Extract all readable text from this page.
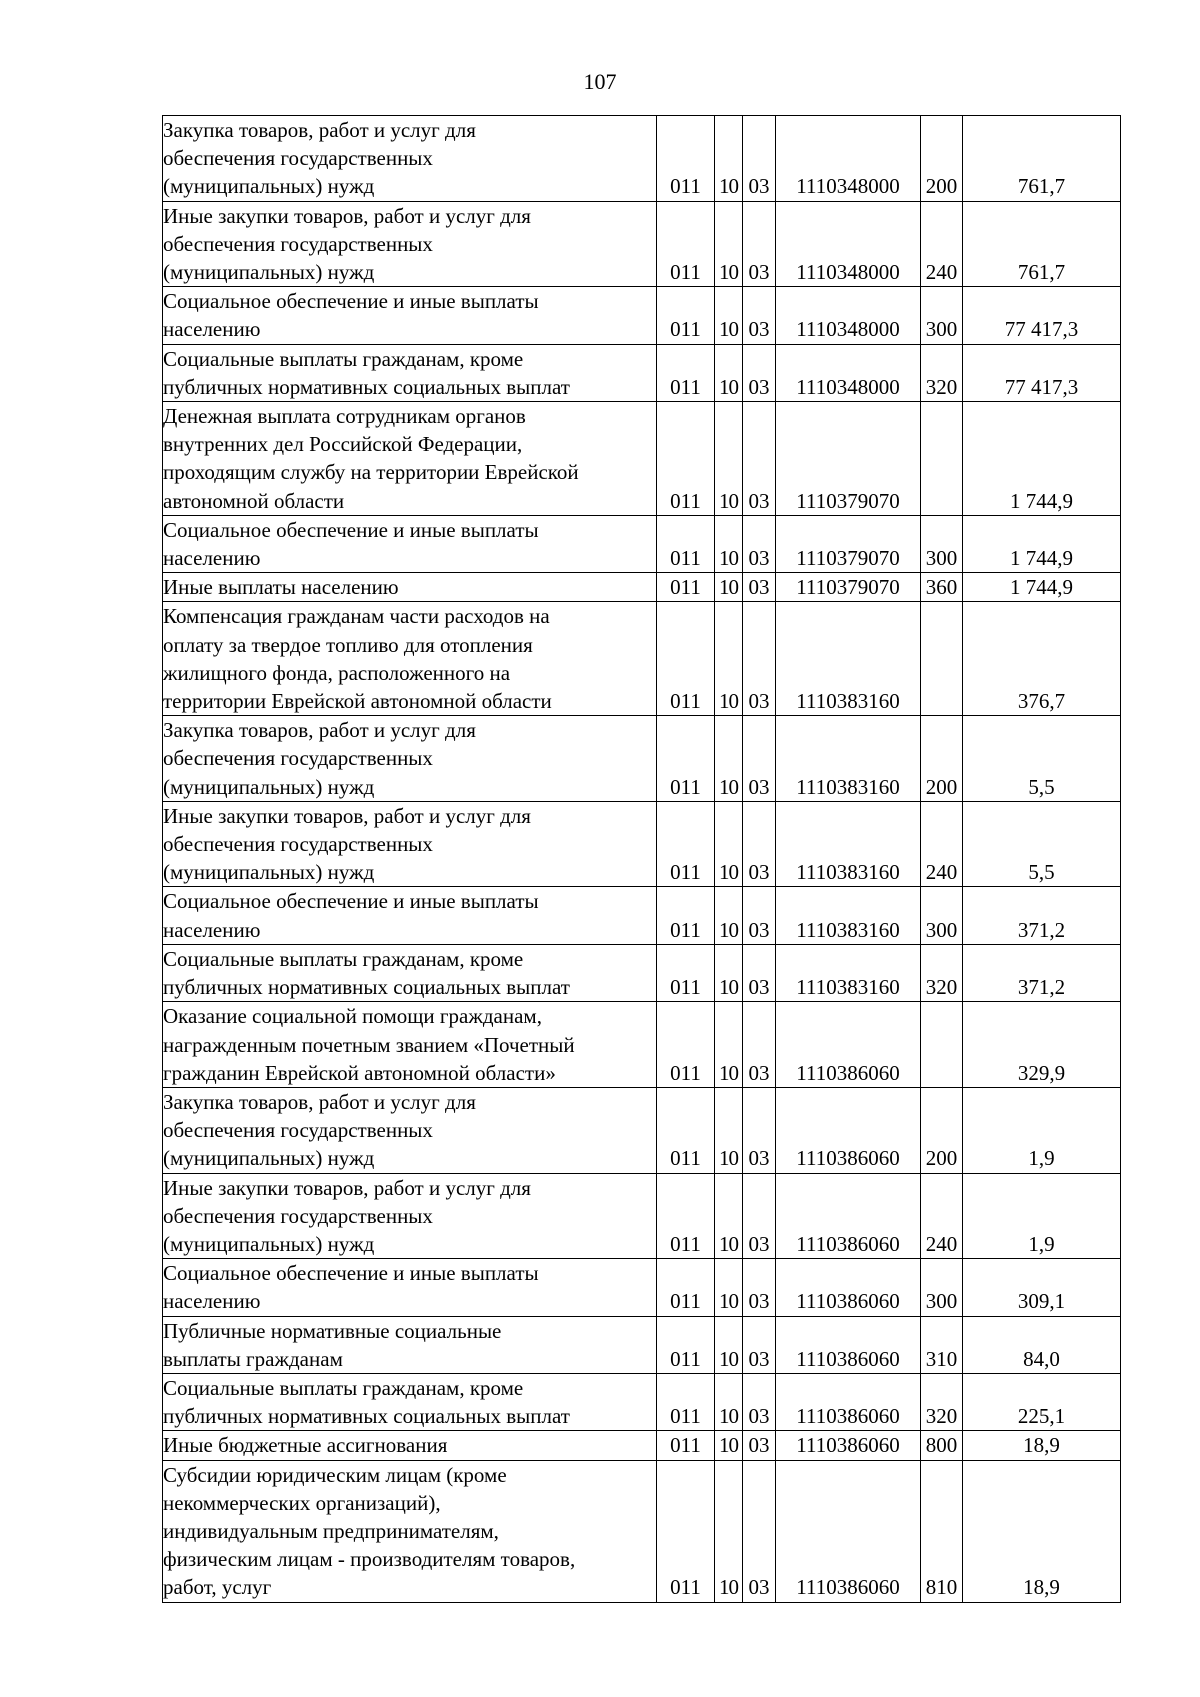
107
Закупка товаров, работ и услуг для
обеспечения государственных
(муниципальных) нужд	011	10	03	1110348000	200	761,7

Иные закупки товаров, работ и услуг для
обеспечения государственных
(муниципальных) нужд	011	10	03	1110348000	240	761,7

Социальное обеспечение и иные выплаты
населению	011	10	03	1110348000	300	77 417,3

Социальные выплаты гражданам, кроме
публичных нормативных социальных выплат	011	10	03	1110348000	320	77 417,3

Денежная выплата сотрудникам органов
внутренних дел Российской Федерации,
проходящим службу на территории Еврейской
автономной области	011	10	03	1110379070		1 744,9

Социальное обеспечение и иные выплаты
населению	011	10	03	1110379070	300	1 744,9

Иные выплаты населению	011	10	03	1110379070	360	1 744,9

Компенсация гражданам части расходов на
оплату за твердое топливо для отопления
жилищного фонда, расположенного на
территории Еврейской автономной области	011	10	03	1110383160		376,7

Закупка товаров, работ и услуг для
обеспечения государственных
(муниципальных) нужд	011	10	03	1110383160	200	5,5

Иные закупки товаров, работ и услуг для
обеспечения государственных
(муниципальных) нужд	011	10	03	1110383160	240	5,5

Социальное обеспечение и иные выплаты
населению	011	10	03	1110383160	300	371,2

Социальные выплаты гражданам, кроме
публичных нормативных социальных выплат	011	10	03	1110383160	320	371,2

Оказание социальной помощи гражданам,
награжденным почетным званием «Почетный
гражданин Еврейской автономной области»	011	10	03	1110386060		329,9

Закупка товаров, работ и услуг для
обеспечения государственных
(муниципальных) нужд	011	10	03	1110386060	200	1,9

Иные закупки товаров, работ и услуг для
обеспечения государственных
(муниципальных) нужд	011	10	03	1110386060	240	1,9

Социальное обеспечение и иные выплаты
населению	011	10	03	1110386060	300	309,1

Публичные нормативные социальные
выплаты гражданам	011	10	03	1110386060	310	84,0

Социальные выплаты гражданам, кроме
публичных нормативных социальных выплат	011	10	03	1110386060	320	225,1

Иные бюджетные ассигнования	011	10	03	1110386060	800	18,9

Субсидии юридическим лицам (кроме
некоммерческих организаций),
индивидуальным предпринимателям,
физическим лицам - производителям товаров,
работ, услуг	011	10	03	1110386060	810	18,9
